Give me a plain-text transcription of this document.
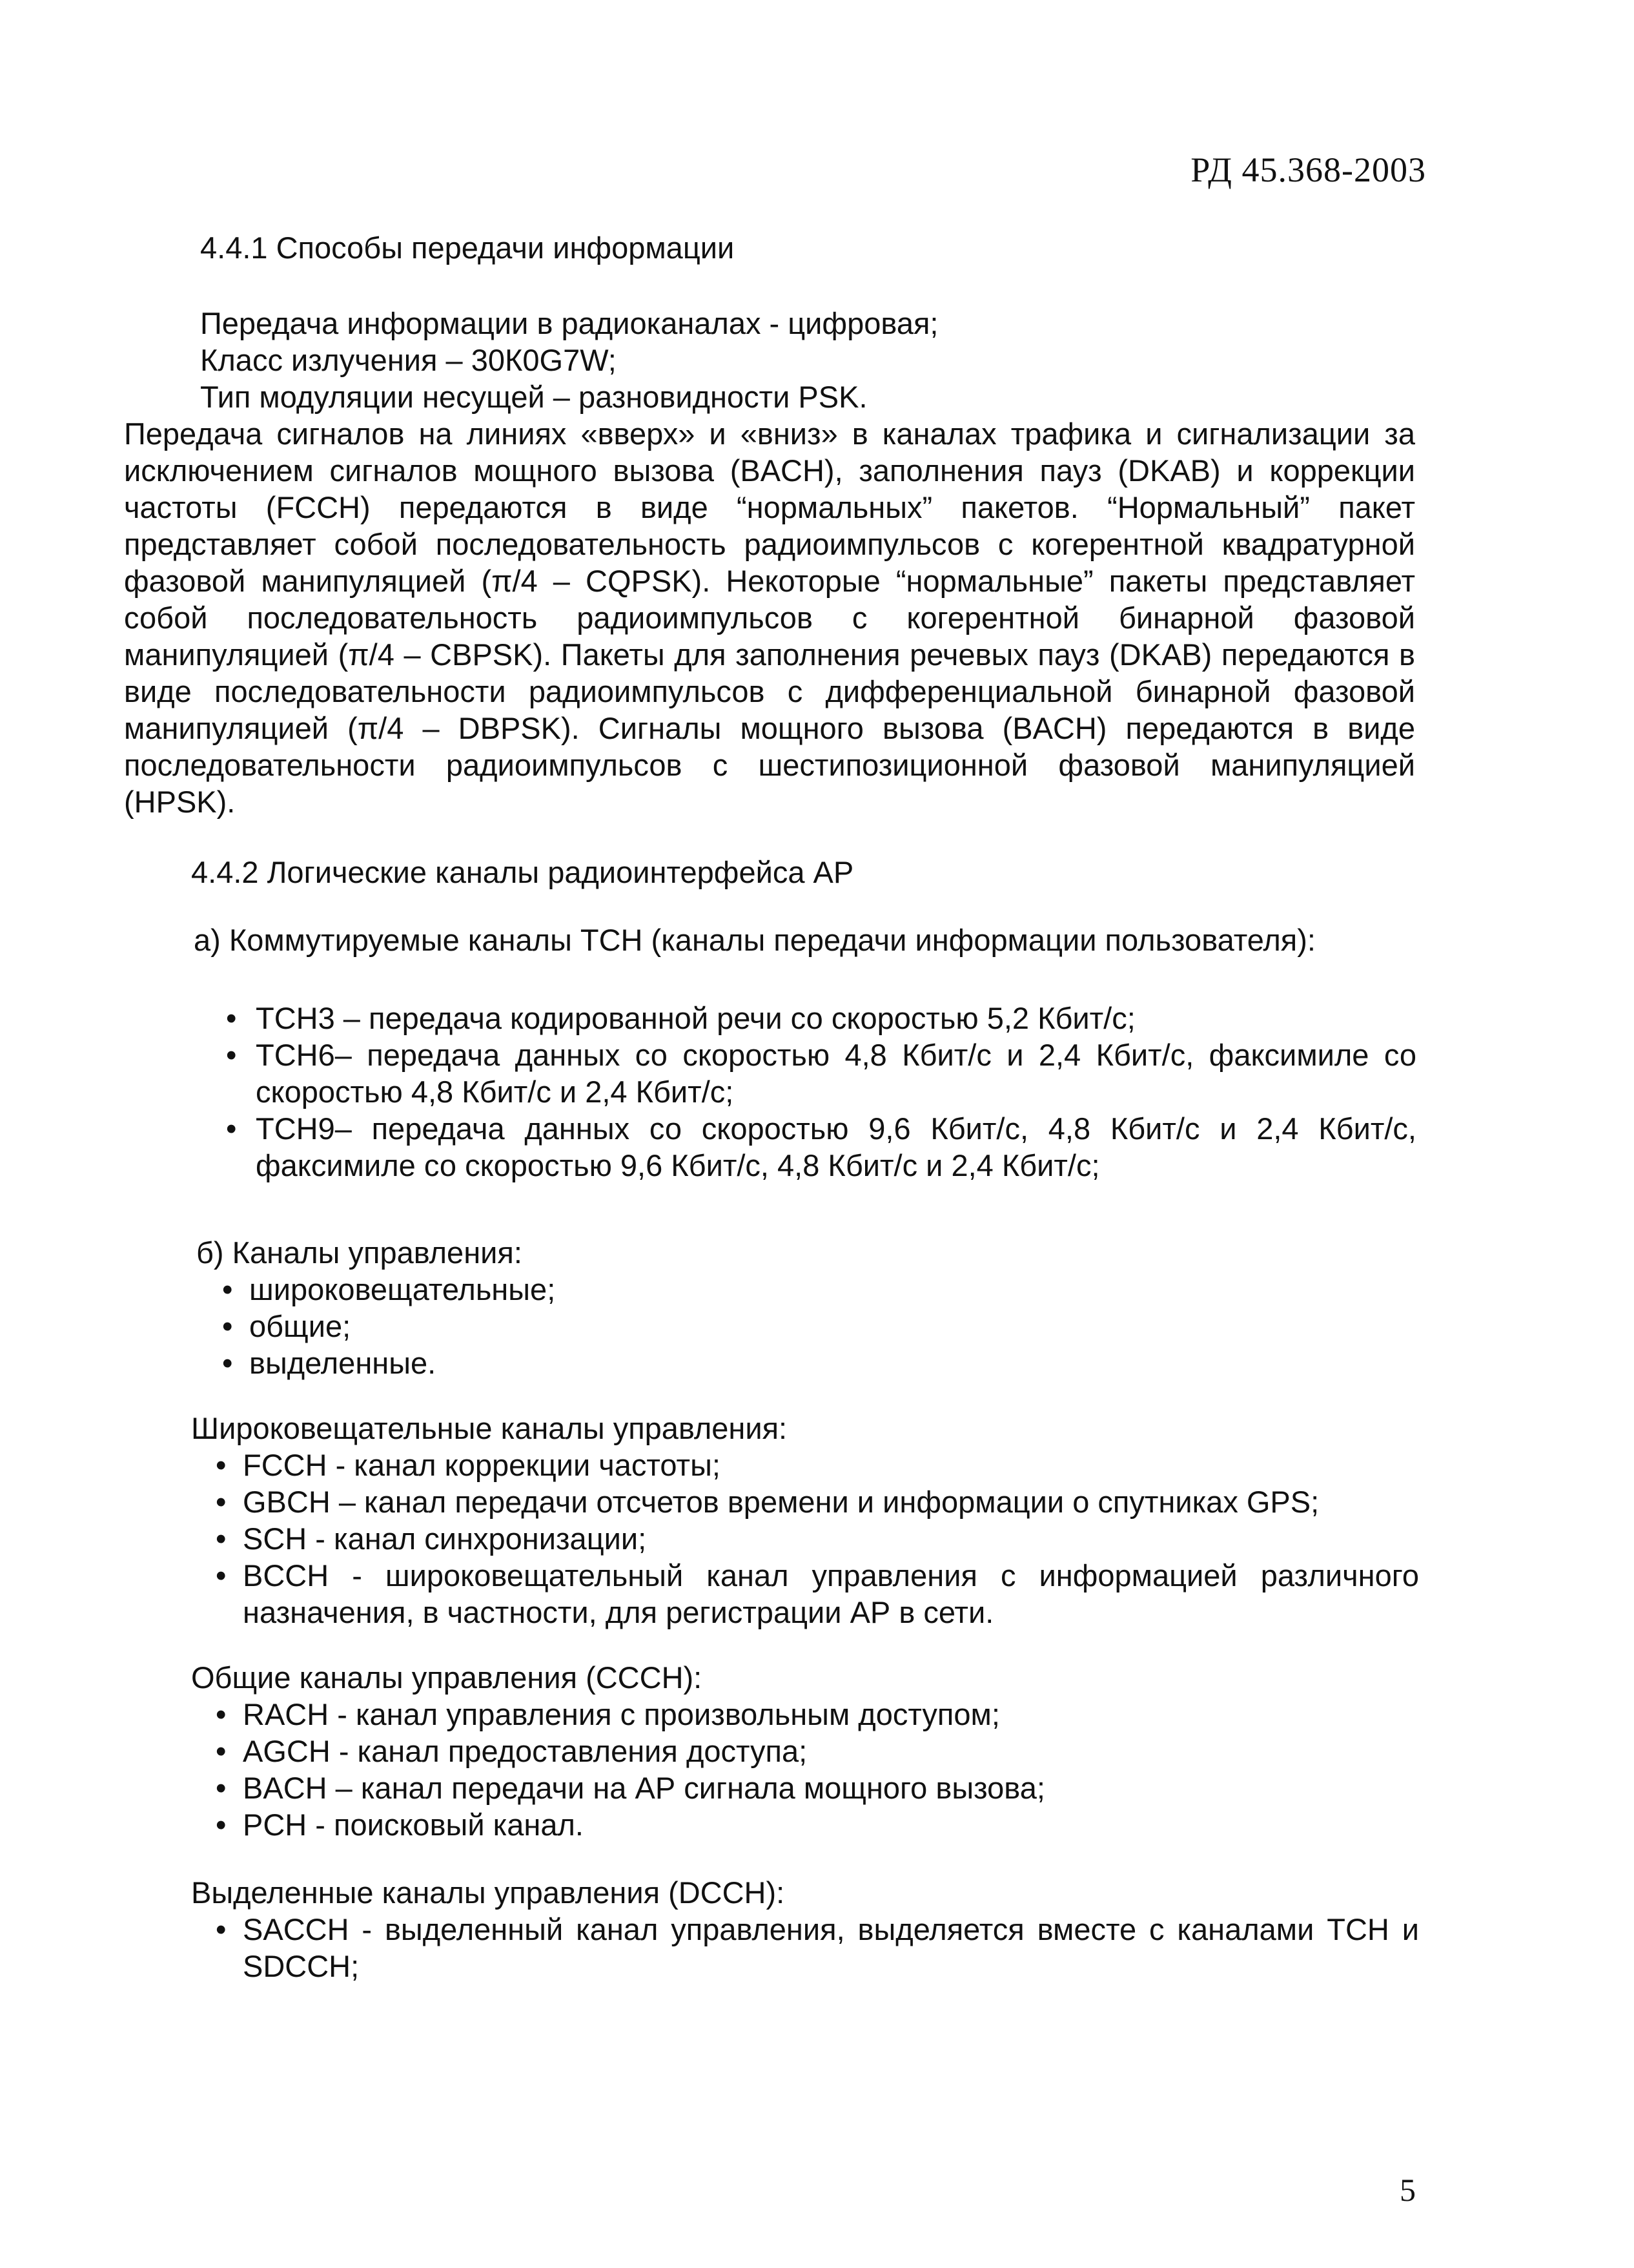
РД 45.368-2003
4.4.1 Способы передачи информации

Передача информации в радиоканалах - цифровая;

Класс излучения – 30К0G7W;

Тип модуляции несущей – разновидности PSK.

Передача сигналов на линиях «вверх» и «вниз» в каналах трафика и сигнализации за исключением сигналов мощного вызова (BACH), заполнения пауз (DKAB) и коррекции частоты (FCCH) передаются в виде “нормальных” пакетов. “Нормальный” пакет представляет собой последовательность радиоимпульсов с когерентной квадратурной фазовой манипуляцией (π/4 – CQPSK). Некоторые “нормальные” пакеты представляет собой последовательность радиоимпульсов с когерентной бинарной фазовой манипуляцией (π/4 – CBPSK). Пакеты для заполнения речевых пауз (DKAB) передаются в виде последовательности радиоимпульсов с дифференциальной бинарной фазовой манипуляцией (π/4 – DBPSK). Сигналы мощного вызова (BACH) передаются в виде последовательности радиоимпульсов с шестипозиционной фазовой манипуляцией (HPSK).

4.4.2 Логические каналы радиоинтерфейса АР

а) Коммутируемые каналы ТСН (каналы передачи информации пользователя):

• TCH3 – передача кодированной речи со скоростью 5,2 Кбит/с;
• TCH6– передача данных со скоростью 4,8 Кбит/с и 2,4 Кбит/с, факсимиле со скоростью 4,8 Кбит/с и 2,4 Кбит/с;
• TCH9– передача данных со скоростью 9,6 Кбит/с, 4,8 Кбит/с и 2,4 Кбит/с, факсимиле со скоростью 9,6 Кбит/с, 4,8 Кбит/с и 2,4 Кбит/с;

б) Каналы управления:

• широковещательные;
• общие;
• выделенные.

Широковещательные каналы управления:

• FCCH - канал коррекции частоты;
• GBCH – канал передачи отсчетов времени и информации о спутниках GPS;
• SCH - канал синхронизации;
• BCCH - широковещательный канал управления с информацией различного назначения, в частности, для регистрации АР в сети.

Общие каналы управления (СССН):

• RACH - канал управления с произвольным доступом;
• AGCH - канал предоставления доступа;
• BACH – канал передачи на АР сигнала мощного вызова;
• PCH - поисковый канал.

Выделенные каналы управления (DCCH):

• SACCH - выделенный канал управления, выделяется вместе с каналами TCH и SDCCH;
5
